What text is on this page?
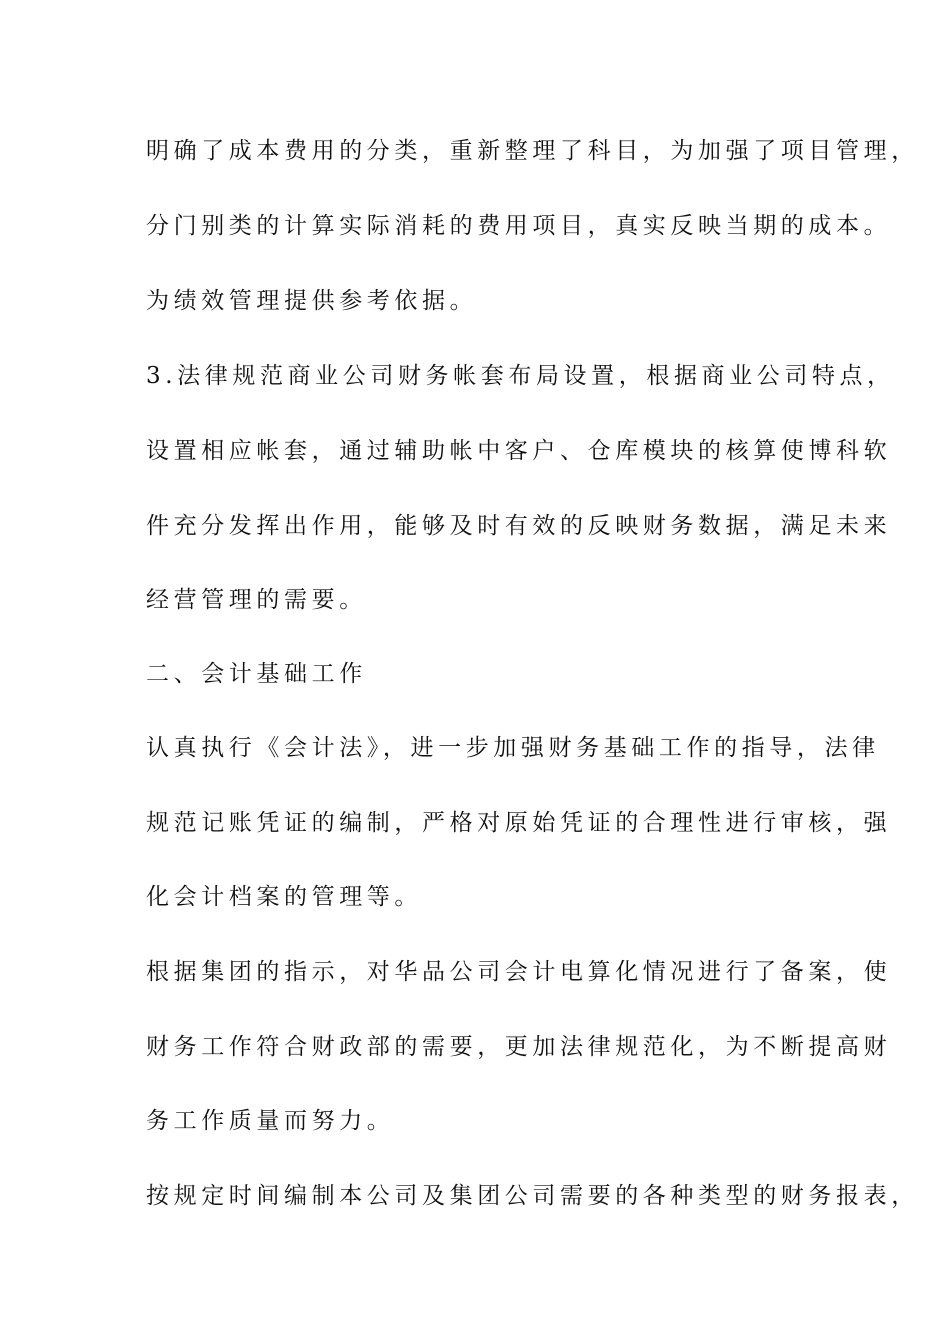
明确了成本费用的分类，重新整理了科目，为加强了项目管理，
分门别类的计算实际消耗的费用项目，真实反映当期的成本。
为绩效管理提供参考依据。
3.法律规范商业公司财务帐套布局设置，根据商业公司特点，
设置相应帐套，通过辅助帐中客户、仓库模块的核算使博科软
件充分发挥出作用，能够及时有效的反映财务数据，满足未来
经营管理的需要。
二、会计基础工作
认真执行《会计法》，进一步加强财务基础工作的指导，法律
规范记账凭证的编制，严格对原始凭证的合理性进行审核，强
化会计档案的管理等。
根据集团的指示，对华品公司会计电算化情况进行了备案，使
财务工作符合财政部的需要，更加法律规范化，为不断提高财
务工作质量而努力。
按规定时间编制本公司及集团公司需要的各种类型的财务报表，
